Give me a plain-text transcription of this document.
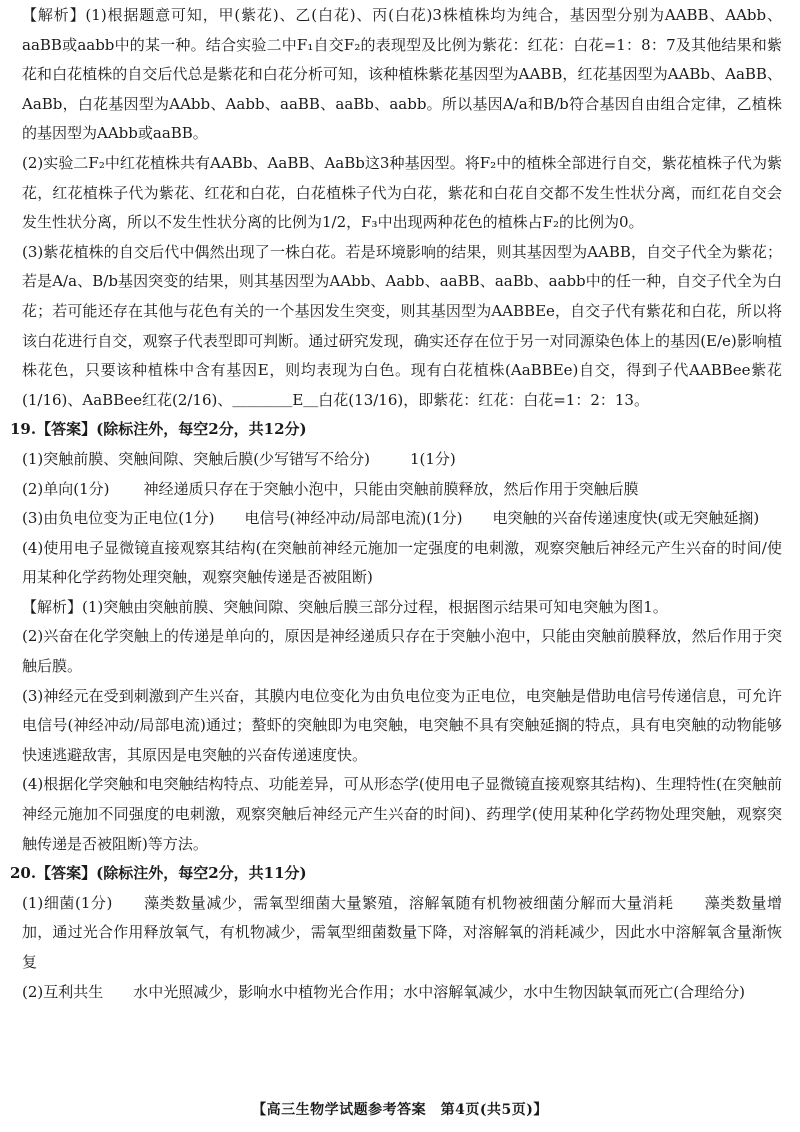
【解析】(1)根据题意可知，甲(紫花)、乙(白花)、丙(白花)3株植株均为纯合，基因型分别为AABB、AAbb、aaBB或aabb中的某一种。结合实验二中F₁自交F₂的表现型及比例为紫花：红花：白花=1：8：7及其他结果和紫花和白花植株的自交后代总是紫花和白花分析可知，该种植株紫花基因型为AABB，红花基因型为AABb、AaBB、AaBb，白花基因型为AAbb、Aabb、aaBB、aaBb、aabb。所以基因A/a和B/b符合基因自由组合定律，乙植株的基因型为AAbb或aaBB。

(2)实验二F₂中红花植株共有AABb、AaBB、AaBb这3种基因型。将F₂中的植株全部进行自交，紫花植株子代为紫花，红花植株子代为紫花、红花和白花，白花植株子代为白花，紫花和白花自交都不发生性状分离，而红花自交会发生性状分离，所以不发生性状分离的比例为1/2，F₃中出现两种花色的植株占F₂的比例为0。

(3)紫花植株的自交后代中偶然出现了一株白花。若是环境影响的结果，则其基因型为AABB，自交子代全为紫花；若是A/a、B/b基因突变的结果，则其基因型为AAbb、Aabb、aaBB、aaBb、aabb中的任一种，自交子代全为白花；若可能还存在其他与花色有关的一个基因发生突变，则其基因型为AABBEe，自交子代有紫花和白花，所以将该白花进行自交，观察子代表型即可判断。通过研究发现，确实还存在位于另一对同源染色体上的基因(E/e)影响植株花色，只要该种植株中含有基因E，则均表现为白色。现有白花植株(AaBBEe)自交，得到子代AABBee紫花(1/16)、AaBBee红花(2/16)、＿＿＿＿E＿白花(13/16)，即紫花：红花：白花=1：2：13。

19.【答案】(除标注外，每空2分，共12分)

(1)突触前膜、突触间隙、突触后膜(少写错写不给分)	1(1分)
(2)单向(1分) 神经递质只存在于突触小泡中，只能由突触前膜释放，然后作用于突触后膜

(3)由负电位变为正电位(1分)　　电信号(神经冲动/局部电流)(1分)　　电突触的兴奋传递速度快(或无突触延搁)

(4)使用电子显微镜直接观察其结构(在突触前神经元施加一定强度的电刺激，观察突触后神经元产生兴奋的时间/使用某种化学药物处理突触，观察突触传递是否被阻断)

【解析】(1)突触由突触前膜、突触间隙、突触后膜三部分过程，根据图示结果可知电突触为图1。

(2)兴奋在化学突触上的传递是单向的，原因是神经递质只存在于突触小泡中，只能由突触前膜释放，然后作用于突触后膜。

(3)神经元在受到刺激到产生兴奋，其膜内电位变化为由负电位变为正电位，电突触是借助电信号传递信息，可允许电信号(神经冲动/局部电流)通过；螯虾的突触即为电突触，电突触不具有突触延搁的特点，具有电突触的动物能够快速逃避敌害，其原因是电突触的兴奋传递速度快。

(4)根据化学突触和电突触结构特点、功能差异，可从形态学(使用电子显微镜直接观察其结构)、生理特性(在突触前神经元施加不同强度的电刺激，观察突触后神经元产生兴奋的时间)、药理学(使用某种化学药物处理突触，观察突触传递是否被阻断)等方法。

20.【答案】(除标注外，每空2分，共11分)

(1)细菌(1分)　　藻类数量减少，需氧型细菌大量繁殖，溶解氧随有机物被细菌分解而大量消耗　　藻类数量增加，通过光合作用释放氧气，有机物减少，需氧型细菌数量下降，对溶解氧的消耗减少，因此水中溶解氧含量渐恢复

(2)互利共生　　水中光照减少，影响水中植物光合作用；水中溶解氧减少，水中生物因缺氧而死亡(合理给分)

【高三生物学试题参考答案　第4页(共5页)】
